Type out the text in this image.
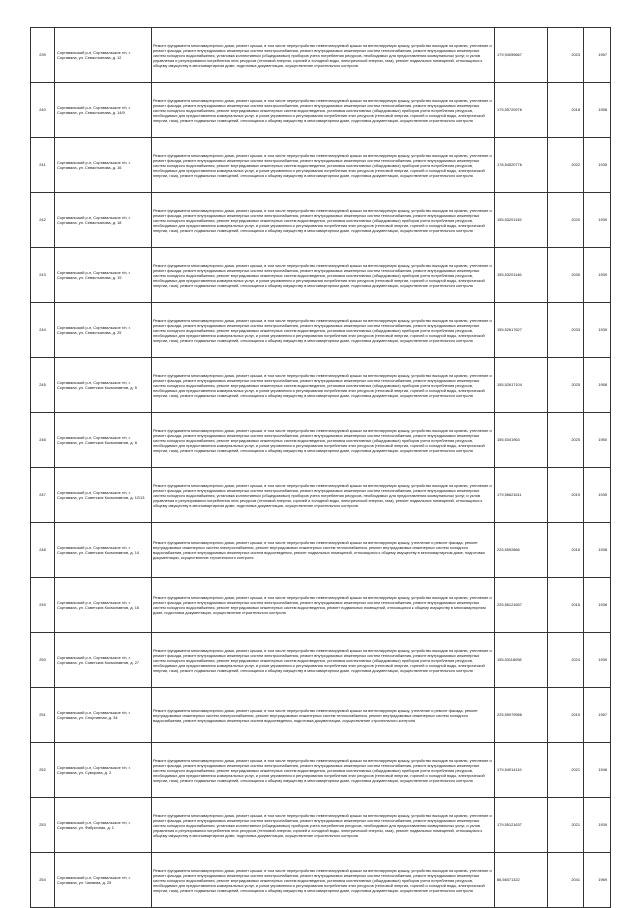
239	Сортавальский р-н, Сортавальское г/п, г. Сортавала, ул. Севастьянова, д. 12	Ремонт фундамента многоквартирного дома, ремонт крыши, в том числе переустройство невентилируемой крыши на вентилируемую крышу, устройство выходов на кровлю, утепление и ремонт фасада, ремонт внутридомовых инженерных систем электроснабжения, ремонт внутридомовых инженерных систем теплоснабжения, ремонт внутридомовых инженерных систем холодного водоснабжения, установка коллективных (общедомовых) приборов учета потребления ресурсов, необходимых для предоставления коммунальных услуг, и узлов управления и регулирования потребления этих ресурсов (тепловой энергии, горячей и холодной воды, электрической энергии, газа), ремонт подвальных помещений, относящихся к общему имуществу в многоквартирном доме, подготовка документации, осуществление строительного контроля	179,94059667	2023	1957
240	Сортавальский р-н, Сортавальское г/п, г. Сортавала, ул. Севастьянова, д. 14/9	Ремонт фундамента многоквартирного дома, ремонт крыши, в том числе переустройство невентилируемой крыши на вентилируемую крышу, устройство выходов на кровлю, утепление и ремонт фасада, ремонт внутридомовых инженерных систем электроснабжения, ремонт внутридомовых инженерных систем теплоснабжения, ремонт внутридомовых инженерных систем холодного водоснабжения, ремонт внутридомовых инженерных систем водоотведения, установка коллективных (общедомовых) приборов учета потребления ресурсов, необходимых для предоставления коммунальных услуг, и узлов управления и регулирования потребления этих ресурсов (тепловой энергии, горячей и холодной воды, электрической энергии, газа), ремонт подвальных помещений, относящихся к общему имуществу в многоквартирном доме, подготовка документации, осуществление строительного контроля	179,55720976	2018	1958
241	Сортавальский р-н, Сортавальское г/п, г. Сортавала, ул. Севастьянова, д. 16	Ремонт фундамента многоквартирного дома, ремонт крыши, в том числе переустройство невентилируемой крыши на вентилируемую крышу, устройство выходов на кровлю, утепление и ремонт фасада, ремонт внутридомовых инженерных систем электроснабжения, ремонт внутридомовых инженерных систем теплоснабжения, ремонт внутридомовых инженерных систем холодного водоснабжения, ремонт внутридомовых инженерных систем водоотведения, установка коллективных (общедомовых) приборов учета потребления ресурсов, необходимых для предоставления коммунальных услуг, и узлов управления и регулирования потребления этих ресурсов (тепловой энергии, горячей и холодной воды, электрической энергии, газа), ремонт подвальных помещений, относящихся к общему имуществу в многоквартирном доме, подготовка документации, осуществление строительного контроля	178,54520776	2022	1935
242	Сортавальский р-н, Сортавальское г/п, г. Сортавала, ул. Севастьянова, д. 18	Ремонт фундамента многоквартирного дома, ремонт крыши, в том числе переустройство невентилируемой крыши на вентилируемую крышу, устройство выходов на кровлю, утепление и ремонт фасада, ремонт внутридомовых инженерных систем электроснабжения, ремонт внутридомовых инженерных систем теплоснабжения, ремонт внутридомовых инженерных систем холодного водоснабжения, ремонт внутридомовых инженерных систем водоотведения, установка коллективных (общедомовых) приборов учета потребления ресурсов, необходимых для предоставления коммунальных услуг, и узлов управления и регулирования потребления этих ресурсов (тепловой энергии, горячей и холодной воды, электрической энергии, газа), ремонт подвальных помещений, относящихся к общему имуществу в многоквартирном доме, подготовка документации, осуществление строительного контроля	155,53201145	2020	1939
243	Сортавальский р-н, Сортавальское г/п, г. Сортавала, ул. Севастьянова, д. 19	Ремонт фундамента многоквартирного дома, ремонт крыши, в том числе переустройство невентилируемой крыши на вентилируемую крышу, устройство выходов на кровлю, утепление и ремонт фасада, ремонт внутридомовых инженерных систем электроснабжения, ремонт внутридомовых инженерных систем теплоснабжения, ремонт внутридомовых инженерных систем холодного водоснабжения, ремонт внутридомовых инженерных систем водоотведения, установка коллективных (общедомовых) приборов учета потребления ресурсов, необходимых для предоставления коммунальных услуг, и узлов управления и регулирования потребления этих ресурсов (тепловой энергии, горячей и холодной воды, электрической энергии, газа), ремонт подвальных помещений, относящихся к общему имуществу в многоквартирном доме, подготовка документации, осуществление строительного контроля	155,53201146	2030	1939
244	Сортавальский р-н, Сортавальское г/п, г. Сортавала, ул. Севастьянова, д. 25	Ремонт фундамента многоквартирного дома, ремонт крыши, в том числе переустройство невентилируемой крыши на вентилируемую крышу, устройство выходов на кровлю, утепление и ремонт фасада, ремонт внутридомовых инженерных систем электроснабжения, ремонт внутридомовых инженерных систем теплоснабжения, ремонт внутридомовых инженерных систем холодного водоснабжения, ремонт внутридомовых инженерных систем водоотведения, установка коллективных (общедомовых) приборов учета потребления ресурсов, необходимых для предоставления коммунальных услуг, и узлов управления и регулирования потребления этих ресурсов (тепловой энергии, горячей и холодной воды, электрической энергии, газа), ремонт подвальных помещений, относящихся к общему имуществу в многоквартирном доме, подготовка документации, осуществление строительного контроля	155,52617627	2033	1939
245	Сортавальский р-н, Сортавальское г/п, г. Сортавала, ул. Советских Космонавтов, д. 5	Ремонт фундамента многоквартирного дома, ремонт крыши, в том числе переустройство невентилируемой крыши на вентилируемую крышу, устройство выходов на кровлю, утепление и ремонт фасада, ремонт внутридомовых инженерных систем электроснабжения, ремонт внутридомовых инженерных систем теплоснабжения, ремонт внутридомовых инженерных систем холодного водоснабжения, ремонт внутридомовых инженерных систем водоотведения, установка коллективных (общедомовых) приборов учета потребления ресурсов, необходимых для предоставления коммунальных услуг, и узлов управления и регулирования потребления этих ресурсов (тепловой энергии, горячей и холодной воды, электрической энергии, газа), ремонт подвальных помещений, относящихся к общему имуществу в многоквартирном доме, подготовка документации, осуществление строительного контроля	155,52617104	2025	1958
246	Сортавальский р-н, Сортавальское г/п, г. Сортавала, ул. Советских Космонавтов, д. 8	Ремонт фундамента многоквартирного дома, ремонт крыши, в том числе переустройство невентилируемой крыши на вентилируемую крышу, устройство выходов на кровлю, утепление и ремонт фасада, ремонт внутридомовых инженерных систем электроснабжения, ремонт внутридомовых инженерных систем теплоснабжения, ремонт внутридомовых инженерных систем холодного водоснабжения, ремонт внутридомовых инженерных систем водоотведения, установка коллективных (общедомовых) приборов учета потребления ресурсов, необходимых для предоставления коммунальных услуг, и узлов управления и регулирования потребления этих ресурсов (тепловой энергии, горячей и холодной воды, электрической энергии, газа), ремонт подвальных помещений, относящихся к общему имуществу в многоквартирном доме, подготовка документации, осуществление строительного контроля	155,5341963	2025	1950
247	Сортавальский р-н, Сортавальское г/п, г. Сортавала, ул. Советских Космонавтов, д. 12/13	Ремонт фундамента многоквартирного дома, ремонт крыши, в том числе переустройство невентилируемой крыши на вентилируемую крышу, устройство выходов на кровлю, утепление и ремонт фасада, ремонт внутридомовых инженерных систем электроснабжения, ремонт внутридомовых инженерных систем теплоснабжения, ремонт внутридомовых инженерных систем холодного водоснабжения, установка коллективных (общедомовых) приборов учета потребления ресурсов, необходимых для предоставления коммунальных услуг, и узлов управления и регулирования потребления этих ресурсов (тепловой энергии, горячей и холодной воды, электрической энергии, газа), ремонт подвальных помещений, относящихся к общему имуществу в многоквартирном доме, подготовка документации, осуществление строительного контроля	179,56621611	2019	1935
248	Сортавальский р-н, Сортавальское г/п, г. Сортавала, ул. Советских Космонавтов, д. 14	Ремонт фундамента многоквартирного дома, ремонт крыши, в том числе переустройство невентилируемой крыши на вентилируемую крышу, утепление и ремонт фасада, ремонт внутридомовых инженерных систем электроснабжения, ремонт внутридомовых инженерных систем теплоснабжения, ремонт внутридомовых инженерных систем холодного водоснабжения, ремонт внутридомовых инженерных систем водоотведения, ремонт подвальных помещений, относящихся к общему имуществу в многоквартирном доме, подготовка документации, осуществление строительного контроля	225,5592866	2016	1938
249	Сортавальский р-н, Сортавальское г/п, г. Сортавала, ул. Советских Космонавтов, д. 16	Ремонт фундамента многоквартирного дома, ремонт крыши, в том числе переустройство невентилируемой крыши на вентилируемую крышу, устройство выходов на кровлю, утепление и ремонт фасада, ремонт внутридомовых инженерных систем электроснабжения, ремонт внутридомовых инженерных систем теплоснабжения, ремонт внутридомовых инженерных систем холодного водоснабжения, ремонт внутридомовых инженерных систем водоотведения, ремонт подвальных помещений, относящихся к общему имуществу в многоквартирном доме, подготовка документации, осуществление строительного контроля	225,56121657	2016	1938
250	Сортавальский р-н, Сортавальское г/п, г. Сортавала, ул. Советских Космонавтов, д. 27	Ремонт фундамента многоквартирного дома, ремонт крыши, в том числе переустройство невентилируемой крыши на вентилируемую крышу, устройство выходов на кровлю, утепление и ремонт фасада, ремонт внутридомовых инженерных систем электроснабжения, ремонт внутридомовых инженерных систем теплоснабжения, ремонт внутридомовых инженерных систем холодного водоснабжения, ремонт внутридомовых инженерных систем водоотведения, установка коллективных (общедомовых) приборов учета потребления ресурсов, необходимых для предоставления коммунальных услуг, и узлов управления и регулирования потребления этих ресурсов (тепловой энергии, горячей и холодной воды, электрической энергии, газа), ремонт подвальных помещений, относящихся к общему имуществу в многоквартирном доме, подготовка документации, осуществление строительного контроля	155,53118098	2024	1939
251	Сортавальский р-н, Сортавальское г/п, г. Сортавала, ул. Спортивная, д. 34	Ремонт фундамента многоквартирного дома, ремонт крыши, в том числе переустройство невентилируемой крыши на вентилируемую крышу, утепление и ремонт фасада, ремонт внутридомовых инженерных систем электроснабжения, ремонт внутридомовых инженерных систем теплоснабжения, ремонт внутридомовых инженерных систем холодного водоснабжения, ремонт внутридомовых инженерных систем водоотведения, подготовка документации, осуществление строительного контроля	225,55979986	2019	1957
252	Сортавальский р-н, Сортавальское г/п, г. Сортавала, ул. Суворова, д. 2	Ремонт фундамента многоквартирного дома, ремонт крыши, в том числе переустройство невентилируемой крыши на вентилируемую крышу, устройство выходов на кровлю, утепление и ремонт фасада, ремонт внутридомовых инженерных систем электроснабжения, ремонт внутридомовых инженерных систем теплоснабжения, ремонт внутридомовых инженерных систем холодного водоснабжения, ремонт внутридомовых инженерных систем водоотведения, установка коллективных (общедомовых) приборов учета потребления ресурсов, необходимых для предоставления коммунальных услуг, и узлов управления и регулирования потребления этих ресурсов (тепловой энергии, горячей и холодной воды, электрической энергии, газа), ремонт подвальных помещений, относящихся к общему имуществу в многоквартирном доме, подготовка документации, осуществление строительного контроля	179,54914119	2021	1946
253	Сортавальский р-н, Сортавальское г/п, г. Сортавала, ул. Фабричная, д. 1	Ремонт фундамента многоквартирного дома, ремонт крыши, в том числе переустройство невентилируемой крыши на вентилируемую крышу, устройство выходов на кровлю, утепление и ремонт фасада, ремонт внутридомовых инженерных систем электроснабжения, ремонт внутридомовых инженерных систем теплоснабжения, ремонт внутридомовых инженерных систем холодного водоснабжения, установка коллективных (общедомовых) приборов учета потребления ресурсов, необходимых для предоставления коммунальных услуг, и узлов управления и регулирования потребления этих ресурсов (тепловой энергии, горячей и холодной воды, электрической энергии, газа), ремонт подвальных помещений, относящихся к общему имуществу в многоквартирном доме, подготовка документации, осуществление строительного контроля	179,55121637	2021	1939
254	Сортавальский р-н, Сортавальское г/п, г. Сортавала, ул. Чапаева, д. 25	Ремонт фундамента многоквартирного дома, ремонт крыши, в том числе переустройство невентилируемой крыши на вентилируемую крышу, устройство выходов на кровлю, утепление и ремонт фасада, ремонт внутридомовых инженерных систем электроснабжения, ремонт внутридомовых инженерных систем теплоснабжения, ремонт внутридомовых инженерных систем холодного водоснабжения, ремонт внутридомовых инженерных систем водоотведения, установка коллективных (общедомовых) приборов учета потребления ресурсов, необходимых для предоставления коммунальных услуг, и узлов управления и регулирования потребления этих ресурсов (тепловой энергии, горячей и холодной воды, электрической энергии, газа), ремонт подвальных помещений, относящихся к общему имуществу в многоквартирном доме, подготовка документации, осуществление строительного контроля	86,56071322	2041	1969
